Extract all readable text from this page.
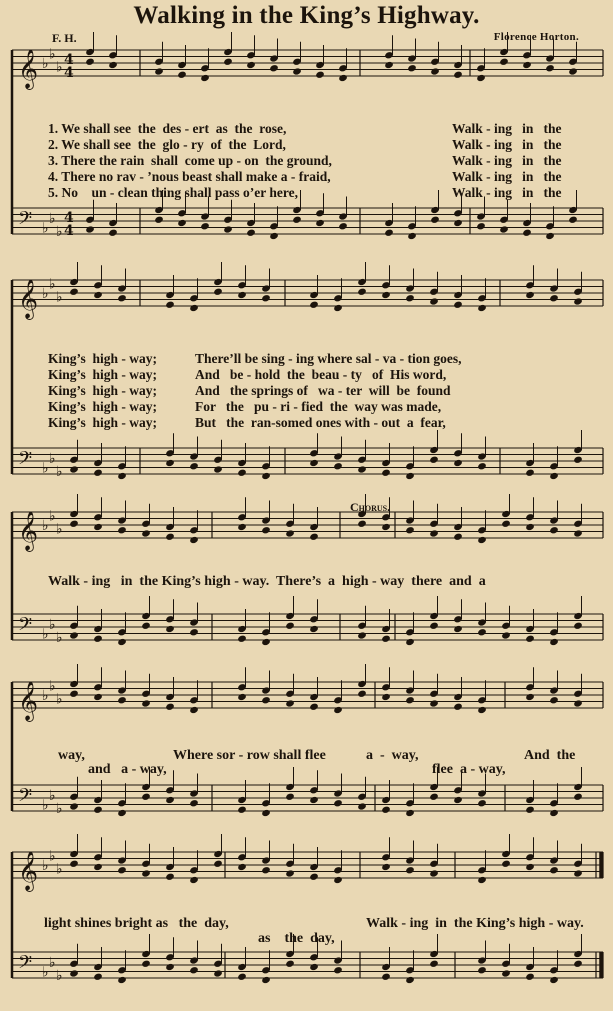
Walking in the King’s Highway.
F. H.	Florence Horton.
𝄞 ♭
♭
♭
𝄢 ♭
♭
♭
𝄞 ♭
♭
♭
𝄢 ♭
♭
♭
𝄞 ♭
♭
♭
𝄢 ♭
♭
♭
𝄞 ♭
♭
♭
𝄢 ♭
♭
♭
𝄞 ♭
♭
♭
𝄢 ♭
♭
♭
4
4
4
4
1. We shall see  the  des - ert  as  the  rose,	Walk - ing   in   the
2. We shall see  the  glo - ry  of  the  Lord,	Walk - ing   in   the
3. There the rain  shall  come up - on  the ground,	Walk - ing   in   the
4. There no rav - ’nous beast shall make a - fraid,	Walk - ing   in   the
5. No    un - clean thing shall pass o’er here,	Walk - ing   in   the
King’s  high - way;	There’ll be sing - ing where sal - va - tion goes,
King’s  high - way;	And   be - hold  the  beau - ty   of  His word,
King’s  high - way;	And   the springs of   wa - ter  will  be  found
King’s  high - way;	For   the   pu - ri - fied  the  way was made,
King’s  high - way;	But   the  ran-somed ones with - out  a  fear,
Chorus.
Walk - ing   in  the King’s high - way.  There’s  a  high - way  there  and  a
way,	Where sor - row shall flee	a  -  way,	And  the
and   a - way,	flee  a - way,
light shines bright as   the  day,	Walk - ing  in  the King’s high - way.
as    the  day,
